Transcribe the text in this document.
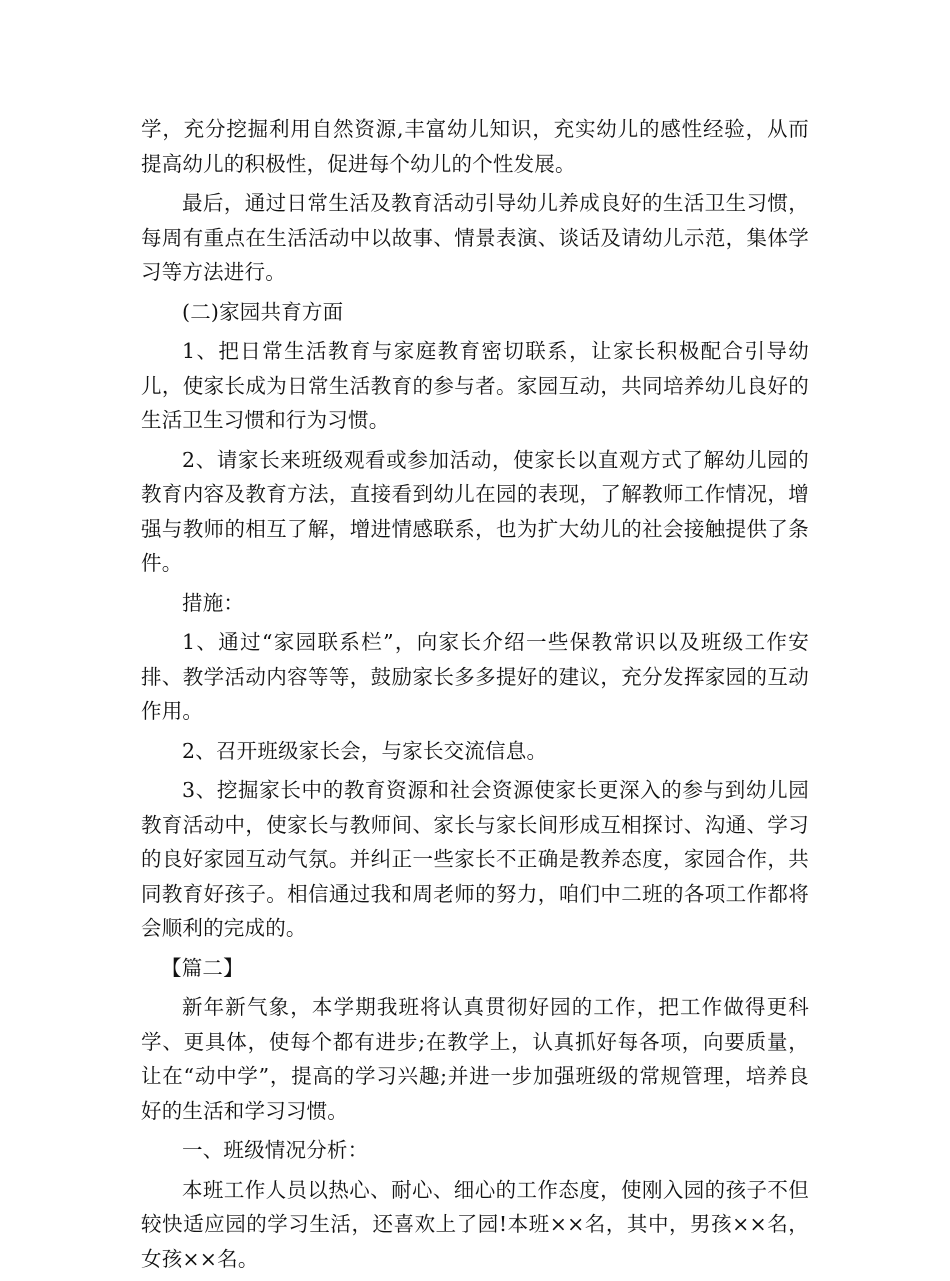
学，充分挖掘利用自然资源,丰富幼儿知识，充实幼儿的感性经验，从而提高幼儿的积极性，促进每个幼儿的个性发展。

最后，通过日常生活及教育活动引导幼儿养成良好的生活卫生习惯，每周有重点在生活活动中以故事、情景表演、谈话及请幼儿示范，集体学习等方法进行。

(二)家园共育方面

1、把日常生活教育与家庭教育密切联系，让家长积极配合引导幼儿，使家长成为日常生活教育的参与者。家园互动，共同培养幼儿良好的生活卫生习惯和行为习惯。

2、请家长来班级观看或参加活动，使家长以直观方式了解幼儿园的教育内容及教育方法，直接看到幼儿在园的表现，了解教师工作情况，增强与教师的相互了解，增进情感联系，也为扩大幼儿的社会接触提供了条件。

措施：

1、通过“家园联系栏”，向家长介绍一些保教常识以及班级工作安排、教学活动内容等等，鼓励家长多多提好的建议，充分发挥家园的互动作用。

2、召开班级家长会，与家长交流信息。

3、挖掘家长中的教育资源和社会资源使家长更深入的参与到幼儿园教育活动中，使家长与教师间、家长与家长间形成互相探讨、沟通、学习的良好家园互动气氛。并纠正一些家长不正确是教养态度，家园合作，共同教育好孩子。相信通过我和周老师的努力，咱们中二班的各项工作都将会顺利的完成的。

【篇二】

新年新气象，本学期我班将认真贯彻好园的工作，把工作做得更科学、更具体，使每个都有进步;在教学上，认真抓好每各项，向要质量，让在“动中学”，提高的学习兴趣;并进一步加强班级的常规管理，培养良好的生活和学习习惯。

一、班级情况分析：

本班工作人员以热心、耐心、细心的工作态度，使刚入园的孩子不但较快适应园的学习生活，还喜欢上了园!本班××名，其中，男孩××名，女孩××名。
